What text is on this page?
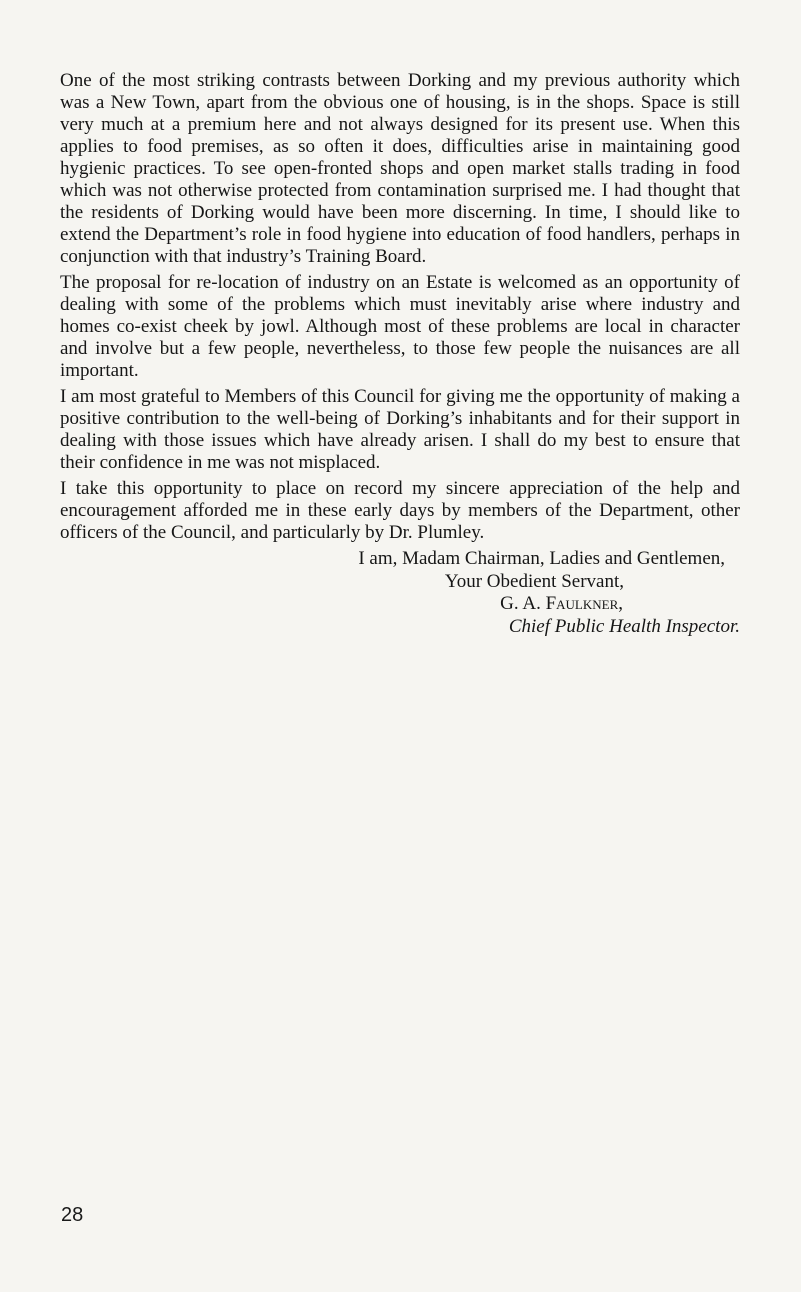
One of the most striking contrasts between Dorking and my previous authority which was a New Town, apart from the obvious one of housing, is in the shops. Space is still very much at a premium here and not always designed for its present use. When this applies to food premises, as so often it does, difficulties arise in maintaining good hygienic practices. To see open-fronted shops and open market stalls trading in food which was not otherwise protected from contamination surprised me. I had thought that the residents of Dorking would have been more discerning. In time, I should like to extend the Department’s role in food hygiene into education of food handlers, perhaps in conjunction with that industry’s Training Board.

The proposal for re-location of industry on an Estate is welcomed as an opportunity of dealing with some of the problems which must inevitably arise where industry and homes co-exist cheek by jowl. Although most of these problems are local in character and involve but a few people, nevertheless, to those few people the nuisances are all important.

I am most grateful to Members of this Council for giving me the opportunity of making a positive contribution to the well-being of Dorking’s inhabitants and for their support in dealing with those issues which have already arisen. I shall do my best to ensure that their confidence in me was not misplaced.

I take this opportunity to place on record my sincere appreciation of the help and encouragement afforded me in these early days by members of the Department, other officers of the Council, and particularly by Dr. Plumley.

I am, Madam Chairman, Ladies and Gentlemen,
Your Obedient Servant,
G. A. Faulkner,
Chief Public Health Inspector.
28
